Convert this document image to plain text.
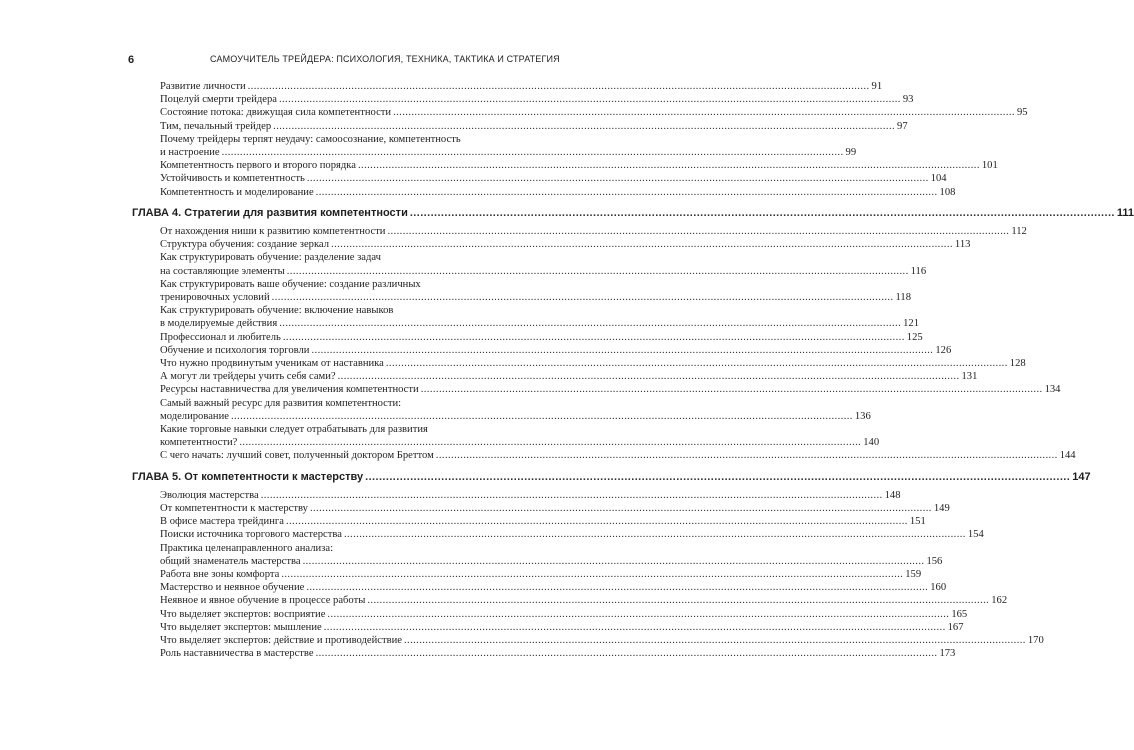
6	САМОУЧИТЕЛЬ ТРЕЙДЕРА: ПСИХОЛОГИЯ, ТЕХНИКА, ТАКТИКА И СТРАТЕГИЯ
Развитие личности .....	91
Поцелуй смерти трейдера .....	93
Состояние потока: движущая сила компетентности .....	95
Тим, печальный трейдер .....	97
Почему трейдеры терпят неудачу: самоосознание, компетентность
и настроение .....	99
Компетентность первого и второго порядка .....	101
Устойчивость и компетентность .....	104
Компетентность и моделирование .....	108
ГЛАВА 4. Стратегии для развития компетентности .....	111
От нахождения ниши к развитию компетентности .....	112
Структура обучения: создание зеркал .....	113
Как структурировать обучение: разделение задач
на составляющие элементы .....	116
Как структурировать ваше обучение: создание различных
тренировочных условий .....	118
Как структурировать обучение: включение навыков
в моделируемые действия .....	121
Профессионал и любитель .....	125
Обучение и психология торговли .....	126
Что нужно продвинутым ученикам от наставника .....	128
А могут ли трейдеры учить себя сами? .....	131
Ресурсы наставничества для увеличения компетентности .....	134
Самый важный ресурс для развития компетентности:
моделирование .....	136
Какие торговые навыки следует отрабатывать для развития
компетентности? .....	140
С чего начать: лучший совет, полученный доктором Бреттом .....	144
ГЛАВА 5. От компетентности к мастерству .....	147
Эволюция мастерства .....	148
От компетентности к мастерству .....	149
В офисе мастера трейдинга .....	151
Поиски источника торгового мастерства .....	154
Практика целенаправленного анализа:
общий знаменатель мастерства .....	156
Работа вне зоны комфорта .....	159
Мастерство и неявное обучение .....	160
Неявное и явное обучение в процессе работы .....	162
Что выделяет экспертов: восприятие .....	165
Что выделяет экспертов: мышление .....	167
Что выделяет экспертов: действие и противодействие .....	170
Роль наставничества в мастерстве .....	173
